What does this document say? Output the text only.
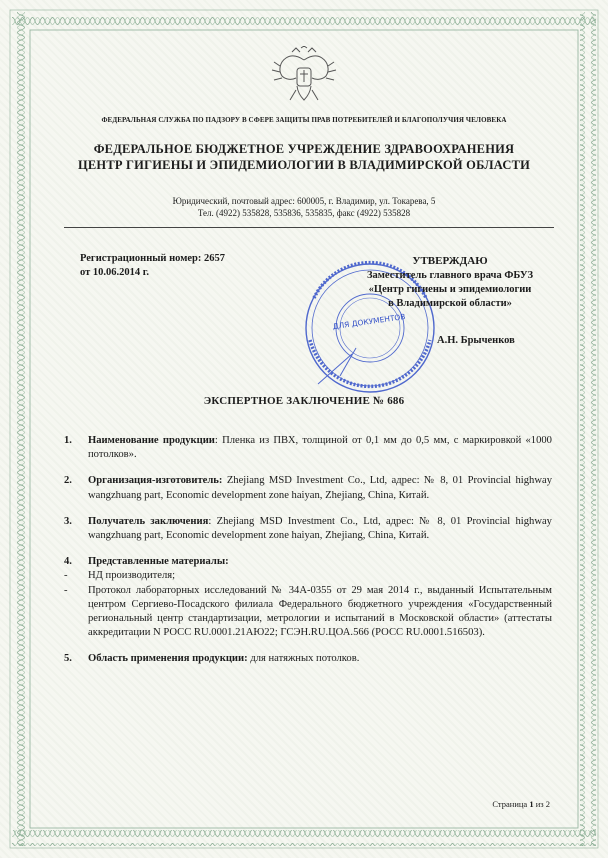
ФЕДЕРАЛЬНАЯ СЛУЖБА ПО ПАДЗОРУ В СФЕРЕ ЗАЩИТЫ ПРАВ ПОТРЕБИТЕЛЕЙ И БЛАГОПОЛУЧИЯ ЧЕЛОВЕКА
ФЕДЕРАЛЬНОЕ БЮДЖЕТНОЕ УЧРЕЖДЕНИЕ ЗДРАВООХРАНЕНИЯ
ЦЕНТР ГИГИЕНЫ И ЭПИДЕМИОЛОГИИ В ВЛАДИМИРСКОЙ ОБЛАСТИ
Юридический, почтовый адрес: 600005, г. Владимир, ул. Токарева, 5
Тел. (4922) 535828, 535836, 535835, факс (4922) 535828
Регистрационный номер: 2657
от 10.06.2014 г.
ДЛЯ ДОКУМЕНТОВ
УТВЕРЖДАЮ
Заместитель главного врача ФБУЗ
«Центр гигиены и эпидемиологии
в Владимирской области»
А.Н. Брыченков
ЭКСПЕРТНОЕ ЗАКЛЮЧЕНИЕ № 686
1.	Наименование продукции: Пленка из ПВХ, толщиной от 0,1 мм до 0,5 мм, с маркировкой «1000 потолков».
2.	Организация-изготовитель: Zhejiang MSD Investment Co., Ltd, адрес: № 8, 01 Provincial highway wangzhuang part, Economic development zone haiyan, Zhejiang, China, Китай.
3.	Получатель заключения: Zhejiang MSD Investment Co., Ltd, адрес: № 8, 01 Provincial highway wangzhuang part, Economic development zone haiyan, Zhejiang, China, Китай.
4.	Представленные материалы:
-	НД производителя;
-	Протокол лабораторных исследований № 34А-0355 от 29 мая 2014 г., выданный Испытательным центром Сергиево-Посадского филиала Федерального бюджетного учреждения «Государственный региональный центр стандартизации, метрологии и испытаний в Московской области» (аттестаты аккредитации N РОСС RU.0001.21АЮ22; ГСЭН.RU.ЦОА.566 (РОСС RU.0001.516503).
5.	Область применения продукции: для натяжных потолков.
Страница 1 из 2
